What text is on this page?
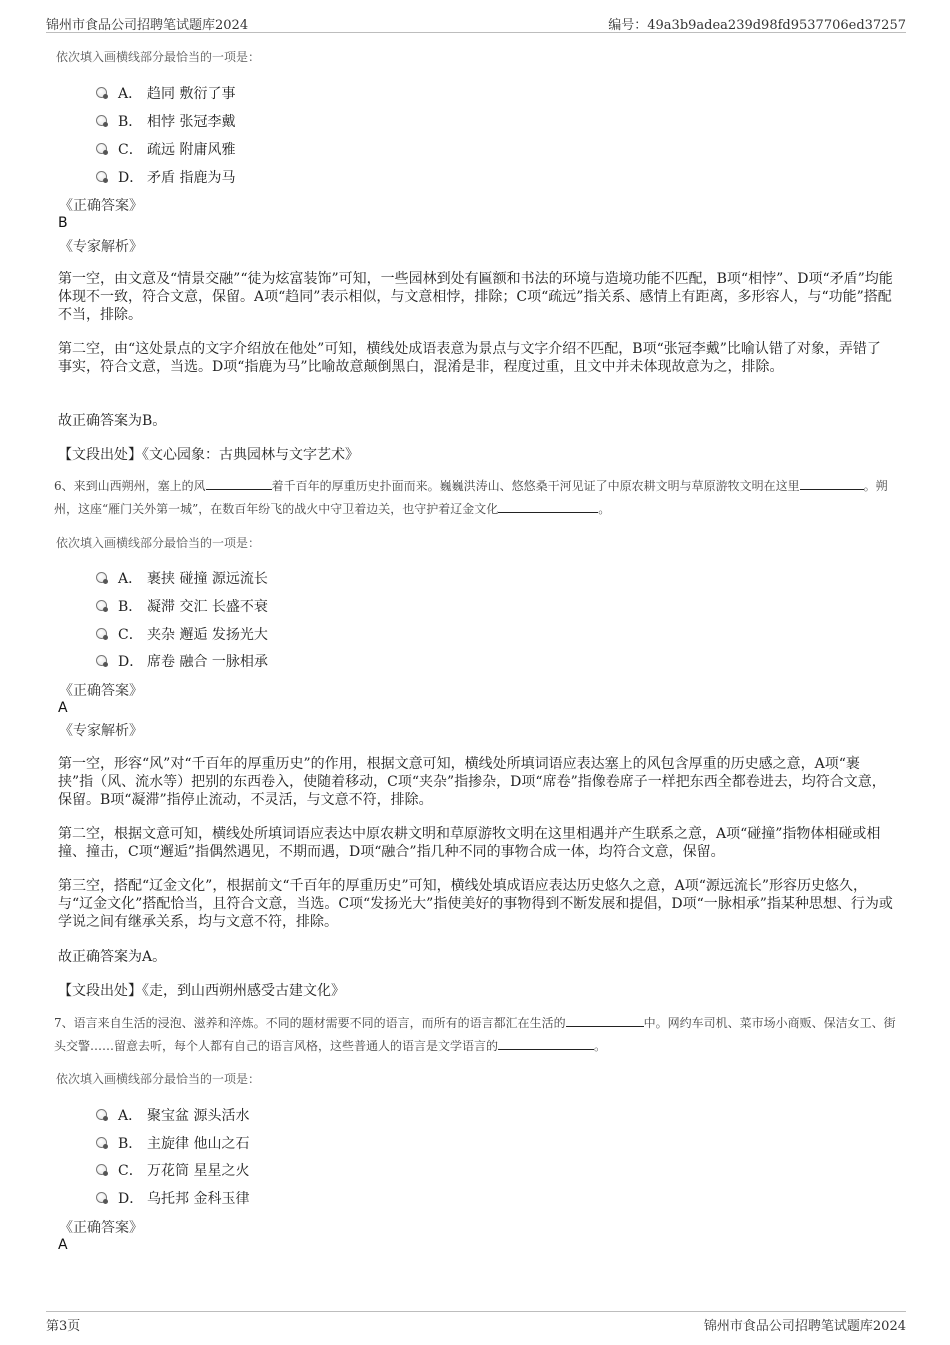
锦州市食品公司招聘笔试题库2024	编号：49a3b9adea239d98fd9537706ed37257
依次填入画横线部分最恰当的一项是：
A． 趋同 敷衍了事
B． 相悖 张冠李戴
C． 疏远 附庸风雅
D． 矛盾 指鹿为马
《正确答案》
B
《专家解析》
第一空，由文意及“情景交融”“徒为炫富装饰”可知，一些园林到处有匾额和书法的环境与造境功能不匹配，B项“相悖”、D项“矛盾”均能体现不一致，符合文意，保留。A项“趋同”表示相似，与文意相悖，排除；C项“疏远”指关系、感情上有距离，多形容人，与“功能”搭配不当，排除。
第二空，由“这处景点的文字介绍放在他处”可知，横线处成语表意为景点与文字介绍不匹配，B项“张冠李戴”比喻认错了对象，弄错了事实，符合文意，当选。D项“指鹿为马”比喻故意颠倒黑白，混淆是非，程度过重，且文中并未体现故意为之，排除。
故正确答案为B。
【文段出处】《文心园象：古典园林与文字艺术》
6、来到山西朔州，塞上的风	着千百年的厚重历史扑面而来。巍巍洪涛山、悠悠桑干河见证了中原农耕文明与草原游牧文明在这里	。朔州，这座“雁门关外第一城”，在数百年纷飞的战火中守卫着边关，也守护着辽金文化	。
依次填入画横线部分最恰当的一项是：
A． 裹挟 碰撞 源远流长
B． 凝滞 交汇 长盛不衰
C． 夹杂 邂逅 发扬光大
D． 席卷 融合 一脉相承
《正确答案》
A
《专家解析》
第一空，形容“风”对“千百年的厚重历史”的作用，根据文意可知，横线处所填词语应表达塞上的风包含厚重的历史感之意，A项“裹挟”指（风、流水等）把别的东西卷入，使随着移动，C项“夹杂”指掺杂，D项“席卷”指像卷席子一样把东西全都卷进去，均符合文意，保留。B项“凝滞”指停止流动，不灵活，与文意不符，排除。
第二空，根据文意可知，横线处所填词语应表达中原农耕文明和草原游牧文明在这里相遇并产生联系之意，A项“碰撞”指物体相碰或相撞、撞击，C项“邂逅”指偶然遇见，不期而遇，D项“融合”指几种不同的事物合成一体，均符合文意，保留。
第三空，搭配“辽金文化”，根据前文“千百年的厚重历史”可知，横线处填成语应表达历史悠久之意，A项“源远流长”形容历史悠久，与“辽金文化”搭配恰当，且符合文意，当选。C项“发扬光大”指使美好的事物得到不断发展和提倡，D项“一脉相承”指某种思想、行为或学说之间有继承关系，均与文意不符，排除。
故正确答案为A。
【文段出处】《走，到山西朔州感受古建文化》
7、语言来自生活的浸泡、滋养和淬炼。不同的题材需要不同的语言，而所有的语言都汇在生活的	中。网约车司机、菜市场小商贩、保洁女工、街头交警……留意去听，每个人都有自己的语言风格，这些普通人的语言是文学语言的	。
依次填入画横线部分最恰当的一项是：
A． 聚宝盆 源头活水
B． 主旋律 他山之石
C． 万花筒 星星之火
D． 乌托邦 金科玉律
《正确答案》
A
第3页	锦州市食品公司招聘笔试题库2024
